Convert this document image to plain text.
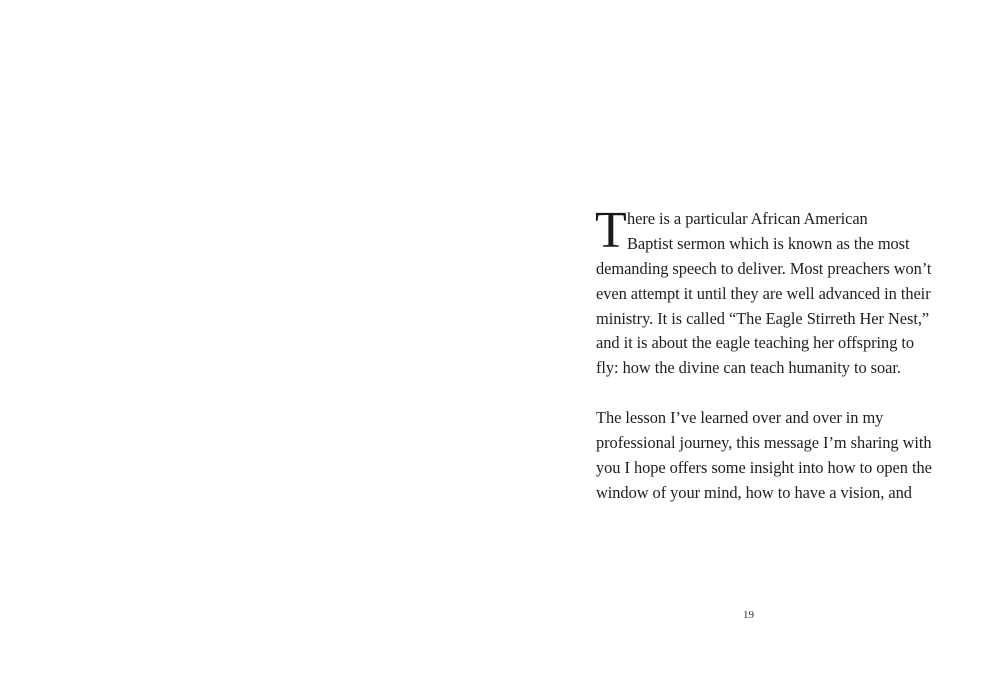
T here is a particular African American
Baptist sermon which is known as the most
demanding speech to deliver. Most preachers won’t
even attempt it until they are well advanced in their
ministry. It is called “The Eagle Stirreth Her Nest,”
and it is about the eagle teaching her offspring to
fly: how the divine can teach humanity to soar.
The lesson I’ve learned over and over in my
professional journey, this message I’m sharing with
you I hope offers some insight into how to open the
window of your mind, how to have a vision, and
19
